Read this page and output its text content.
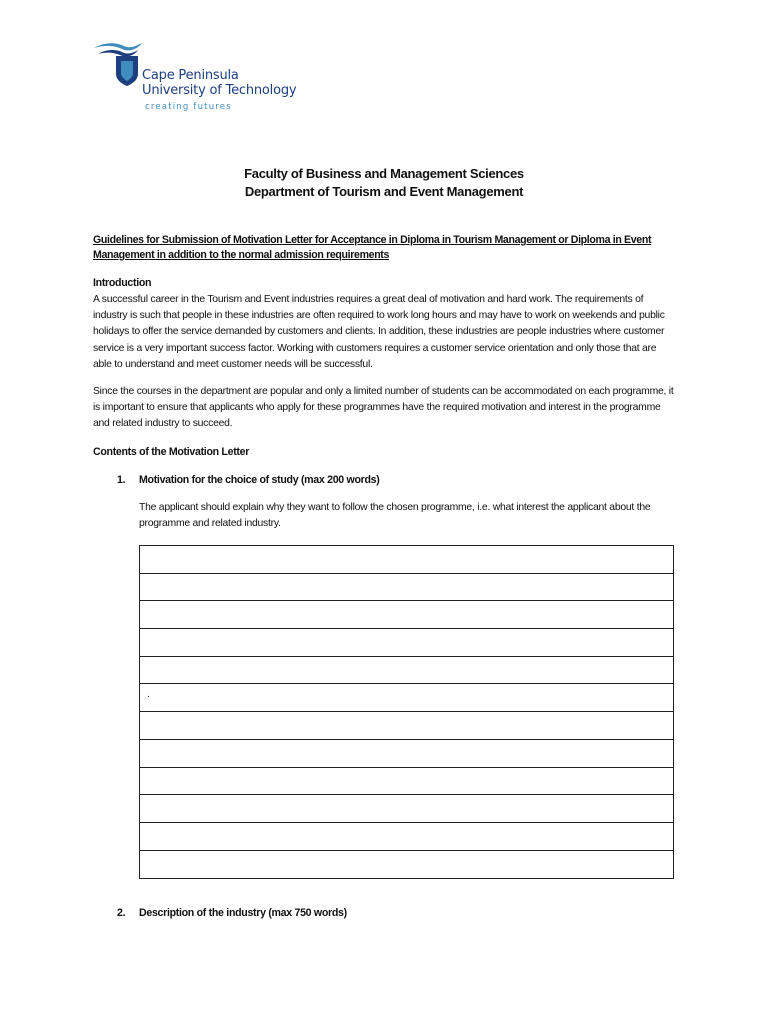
Cape Peninsula
University of Technology
creating futures
Faculty of Business and Management Sciences
Department of Tourism and Event Management
Guidelines for Submission of Motivation Letter for Acceptance in Diploma in Tourism Management or Diploma in Event Management in addition to the normal admission requirements
Introduction
A successful career in the Tourism and Event industries requires a great deal of motivation and hard work. The requirements of industry is such that people in these industries are often required to work long hours and may have to work on weekends and public holidays to offer the service demanded by customers and clients. In addition, these industries are people industries where customer service is a very important success factor. Working with customers requires a customer service orientation and only those that are able to understand and meet customer needs will be successful.
Since the courses in the department are popular and only a limited number of students can be accommodated on each programme, it is important to ensure that applicants who apply for these programmes have the required motivation and interest in the programme and related industry to succeed.
Contents of the Motivation Letter
1. Motivation for the choice of study (max 200 words)
The applicant should explain why they want to follow the chosen programme, i.e. what interest the applicant about the programme and related industry.
.
2. Description of the industry (max 750 words)
